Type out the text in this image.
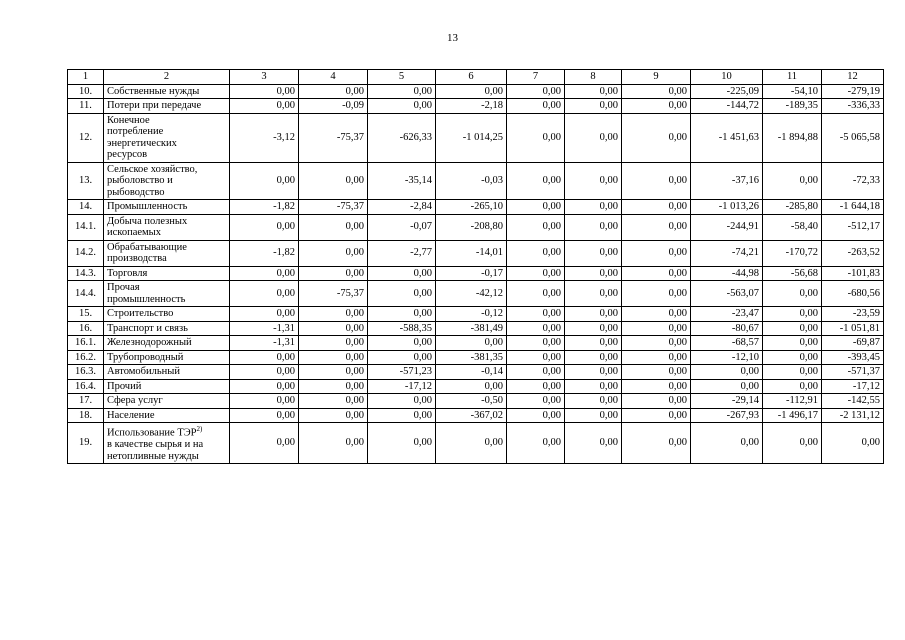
13
1	2	3	4	5	6	7	8	9	10	11	12
10.	Собственные нужды	0,00	0,00	0,00	0,00	0,00	0,00	0,00	-225,09	-54,10	-279,19
11.	Потери при передаче	0,00	-0,09	0,00	-2,18	0,00	0,00	0,00	-144,72	-189,35	-336,33
12.	Конечное
потребление
энергетических
ресурсов	-3,12	-75,37	-626,33	-1 014,25	0,00	0,00	0,00	-1 451,63	-1 894,88	-5 065,58
13.	Сельское хозяйство,
рыболовство и
рыбоводство	0,00	0,00	-35,14	-0,03	0,00	0,00	0,00	-37,16	0,00	-72,33
14.	Промышленность	-1,82	-75,37	-2,84	-265,10	0,00	0,00	0,00	-1 013,26	-285,80	-1 644,18
14.1.	Добыча полезных
ископаемых	0,00	0,00	-0,07	-208,80	0,00	0,00	0,00	-244,91	-58,40	-512,17
14.2.	Обрабатывающие
производства	-1,82	0,00	-2,77	-14,01	0,00	0,00	0,00	-74,21	-170,72	-263,52
14.3.	Торговля	0,00	0,00	0,00	-0,17	0,00	0,00	0,00	-44,98	-56,68	-101,83
14.4.	Прочая
промышленность	0,00	-75,37	0,00	-42,12	0,00	0,00	0,00	-563,07	0,00	-680,56
15.	Строительство	0,00	0,00	0,00	-0,12	0,00	0,00	0,00	-23,47	0,00	-23,59
16.	Транспорт и связь	-1,31	0,00	-588,35	-381,49	0,00	0,00	0,00	-80,67	0,00	-1 051,81
16.1.	Железнодорожный	-1,31	0,00	0,00	0,00	0,00	0,00	0,00	-68,57	0,00	-69,87
16.2.	Трубопроводный	0,00	0,00	0,00	-381,35	0,00	0,00	0,00	-12,10	0,00	-393,45
16.3.	Автомобильный	0,00	0,00	-571,23	-0,14	0,00	0,00	0,00	0,00	0,00	-571,37
16.4.	Прочий	0,00	0,00	-17,12	0,00	0,00	0,00	0,00	0,00	0,00	-17,12
17.	Сфера услуг	0,00	0,00	0,00	-0,50	0,00	0,00	0,00	-29,14	-112,91	-142,55
18.	Население	0,00	0,00	0,00	-367,02	0,00	0,00	0,00	-267,93	-1 496,17	-2 131,12
19.	Использование ТЭР$^{2)}$
в качестве сырья и на
нетопливные нужды	0,00	0,00	0,00	0,00	0,00	0,00	0,00	0,00	0,00	0,00
